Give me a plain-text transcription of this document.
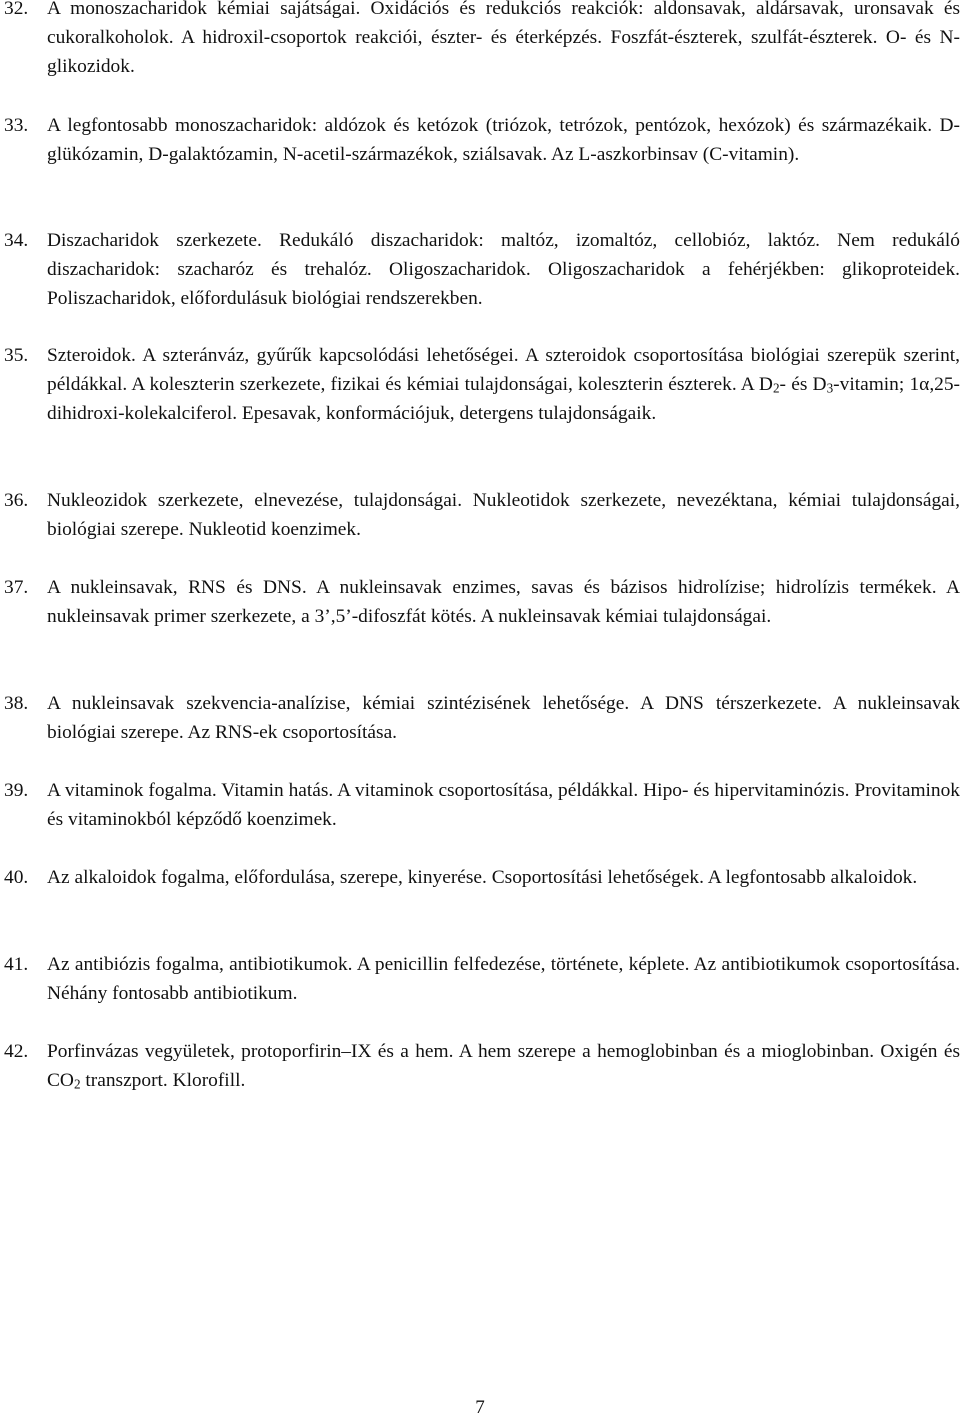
32. A monoszacharidok kémiai sajátságai. Oxidációs és redukciós reakciók: aldonsavak, aldársavak, uronsavak és cukoralkoholok. A hidroxil-csoportok reakciói, észter- és éterképzés. Foszfát-észterek, szulfát-észterek. O- és N-glikozidok.
33. A legfontosabb monoszacharidok: aldózok és ketózok (triózok, tetrózok, pentózok, hexózok) és származékaik. D-glükózamin, D-galaktózamin, N-acetil-származékok, sziálsavak. Az L-aszkorbinsav (C-vitamin).
34. Diszacharidok szerkezete. Redukáló diszacharidok: maltóz, izomaltóz, cellobióz, laktóz. Nem redukáló diszacharidok: szacharóz és trehalóz. Oligoszacharidok. Oligoszacharidok a fehérjékben: glikoproteidek. Poliszacharidok, előfordulásuk biológiai rendszerekben.
35. Szteroidok. A szteránváz, gyűrűk kapcsolódási lehetőségei. A szteroidok csoportosítása biológiai szerepük szerint, példákkal. A koleszterin szerkezete, fizikai és kémiai tulajdonságai, koleszterin észterek. A $D_2-$ és $D_3$-vitamin; 1α,25-dihidroxi-kolekalciferol. Epesavak, konformációjuk, detergens tulajdonságaik.
36. Nukleozidok szerkezete, elnevezése, tulajdonságai. Nukleotidok szerkezete, nevezéktana, kémiai tulajdonságai, biológiai szerepe. Nukleotid koenzimek.
37. A nukleinsavak, RNS és DNS. A nukleinsavak enzimes, savas és bázisos hidrolízise; hidrolízis termékek. A nukleinsavak primer szerkezete, a 3’,5’-difoszfát kötés. A nukleinsavak kémiai tulajdonságai.
38. A nukleinsavak szekvencia-analízise, kémiai szintézisének lehetősége. A DNS térszerkezete. A nukleinsavak biológiai szerepe. Az RNS-ek csoportosítása.
39. A vitaminok fogalma. Vitamin hatás. A vitaminok csoportosítása, példákkal. Hipo- és hipervitaminózis. Provitaminok és vitaminokból képződő koenzimek.
40. Az alkaloidok fogalma, előfordulása, szerepe, kinyerése. Csoportosítási lehetőségek. A legfontosabb alkaloidok.
41. Az antibiózis fogalma, antibiotikumok. A penicillin felfedezése, története, képlete. Az antibiotikumok csoportosítása. Néhány fontosabb antibiotikum.
42. Porfinvázas vegyületek, protoporfirin–IX és a hem. A hem szerepe a hemoglobinban és a mioglobinban. Oxigén és $CO_2$ transzport. Klorofill.
7
